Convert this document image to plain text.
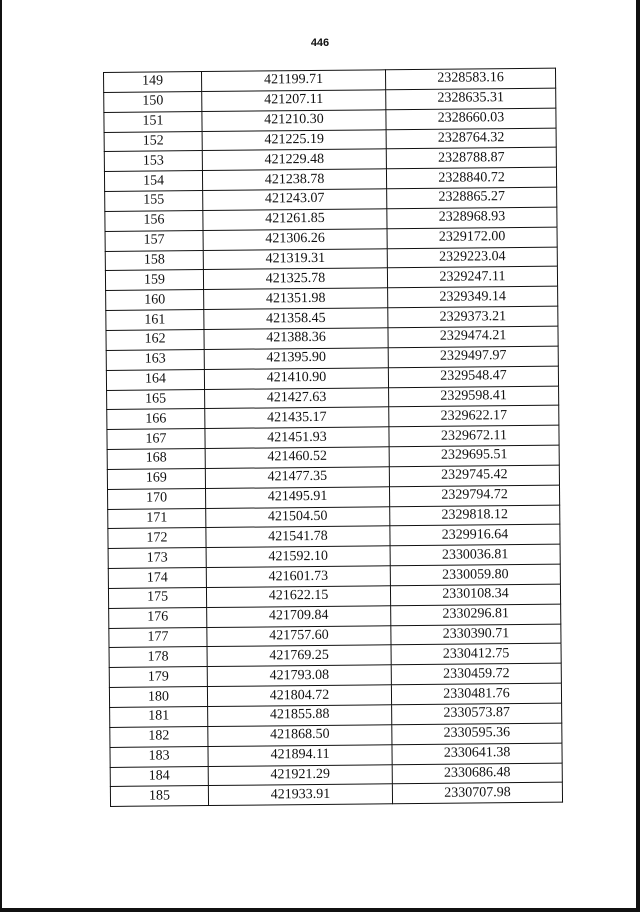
446
149	421199.71	2328583.16
150	421207.11	2328635.31
151	421210.30	2328660.03
152	421225.19	2328764.32
153	421229.48	2328788.87
154	421238.78	2328840.72
155	421243.07	2328865.27
156	421261.85	2328968.93
157	421306.26	2329172.00
158	421319.31	2329223.04
159	421325.78	2329247.11
160	421351.98	2329349.14
161	421358.45	2329373.21
162	421388.36	2329474.21
163	421395.90	2329497.97
164	421410.90	2329548.47
165	421427.63	2329598.41
166	421435.17	2329622.17
167	421451.93	2329672.11
168	421460.52	2329695.51
169	421477.35	2329745.42
170	421495.91	2329794.72
171	421504.50	2329818.12
172	421541.78	2329916.64
173	421592.10	2330036.81
174	421601.73	2330059.80
175	421622.15	2330108.34
176	421709.84	2330296.81
177	421757.60	2330390.71
178	421769.25	2330412.75
179	421793.08	2330459.72
180	421804.72	2330481.76
181	421855.88	2330573.87
182	421868.50	2330595.36
183	421894.11	2330641.38
184	421921.29	2330686.48
185	421933.91	2330707.98
